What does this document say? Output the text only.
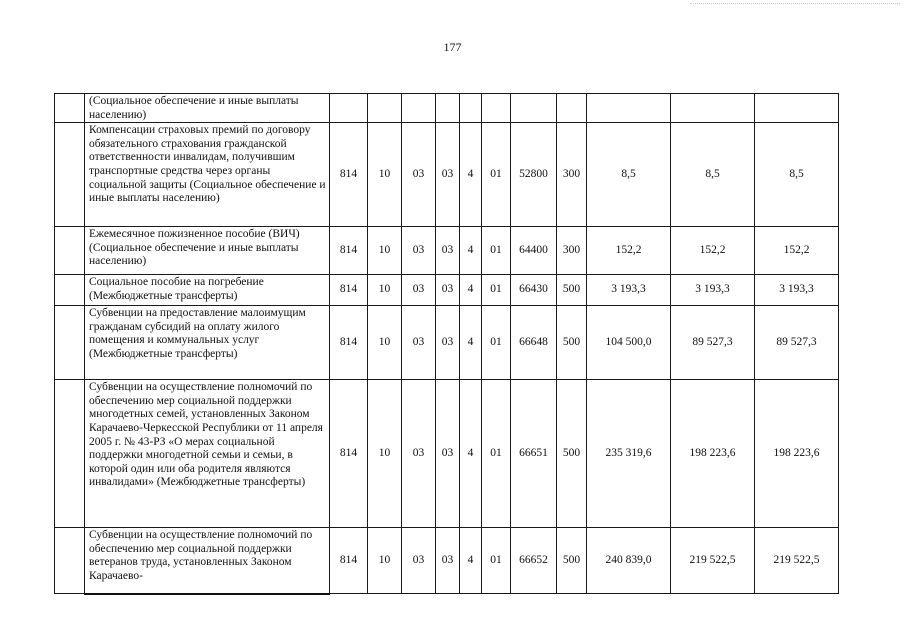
177
	(Социальное обеспечение и иные выплаты населению)											
	Компенсации страховых премий по договору обязательного страхования гражданской ответственности инвалидам, получившим транспортные средства через органы социальной защиты (Социальное обеспечение и иные выплаты населению)	814	10	03	03	4	01	52800	300	8,5	8,5	8,5
	Ежемесячное пожизненное пособие (ВИЧ) (Социальное обеспечение и иные выплаты населению)	814	10	03	03	4	01	64400	300	152,2	152,2	152,2
	Социальное пособие на погребение (Межбюджетные трансферты)	814	10	03	03	4	01	66430	500	3 193,3	3 193,3	3 193,3
	Субвенции на предоставление малоимущим гражданам субсидий на оплату жилого помещения и коммунальных услуг (Межбюджетные трансферты)	814	10	03	03	4	01	66648	500	104 500,0	89 527,3	89 527,3
	Субвенции на осуществление полномочий по обеспечению мер социальной поддержки многодетных семей, установленных Законом Карачаево-Черкесской Республики от 11 апреля 2005 г. № 43-РЗ «О мерах социальной поддержки многодетной семьи и семьи, в которой один или оба родителя являются инвалидами» (Межбюджетные трансферты)	814	10	03	03	4	01	66651	500	235 319,6	198 223,6	198 223,6
	Субвенции на осуществление полномочий по обеспечению мер социальной поддержки ветеранов труда, установленных Законом Карачаево-	814	10	03	03	4	01	66652	500	240 839,0	219 522,5	219 522,5
